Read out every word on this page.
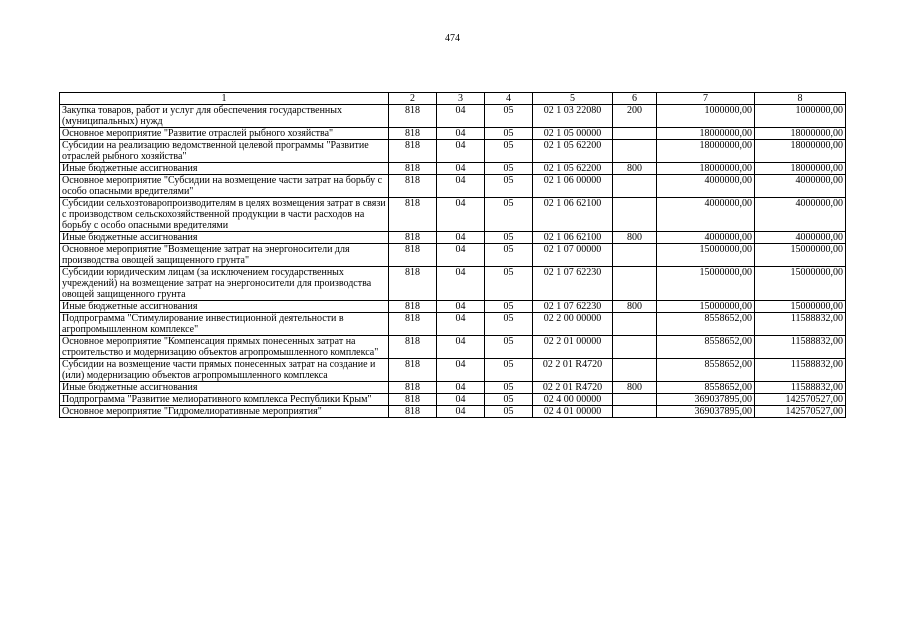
474
1	2	3	4	5	6	7	8
Закупка товаров, работ и услуг для обеспечения государственных (муниципальных) нужд	818	04	05	02 1 03 22080	200	1000000,00	1000000,00
Основное мероприятие "Развитие отраслей рыбного хозяйства"	818	04	05	02 1 05 00000		18000000,00	18000000,00
Субсидии на реализацию ведомственной целевой программы "Развитие отраслей рыбного хозяйства"	818	04	05	02 1 05 62200		18000000,00	18000000,00
Иные бюджетные ассигнования	818	04	05	02 1 05 62200	800	18000000,00	18000000,00
Основное мероприятие "Субсидии на возмещение части затрат на борьбу с особо опасными вредителями"	818	04	05	02 1 06 00000		4000000,00	4000000,00
Субсидии сельхозтоваропроизводителям в целях возмещения затрат в связи с производством сельскохозяйственной продукции в части расходов на борьбу с особо опасными вредителями	818	04	05	02 1 06 62100		4000000,00	4000000,00
Иные бюджетные ассигнования	818	04	05	02 1 06 62100	800	4000000,00	4000000,00
Основное мероприятие "Возмещение затрат на энергоносители для производства овощей защищенного грунта"	818	04	05	02 1 07 00000		15000000,00	15000000,00
Субсидии юридическим лицам (за исключением государственных учреждений) на возмещение затрат на энергоносители для производства овощей защищенного грунта	818	04	05	02 1 07 62230		15000000,00	15000000,00
Иные бюджетные ассигнования	818	04	05	02 1 07 62230	800	15000000,00	15000000,00
Подпрограмма "Стимулирование инвестиционной деятельности в агропромышленном комплексе"	818	04	05	02 2 00 00000		8558652,00	11588832,00
Основное мероприятие "Компенсация прямых понесенных затрат на строительство и модернизацию объектов агропромышленного комплекса"	818	04	05	02 2 01 00000		8558652,00	11588832,00
Субсидии на возмещение части прямых понесенных затрат на создание и (или) модернизацию объектов агропромышленного комплекса	818	04	05	02 2 01 R4720		8558652,00	11588832,00
Иные бюджетные ассигнования	818	04	05	02 2 01 R4720	800	8558652,00	11588832,00
Подпрограмма "Развитие мелиоративного комплекса Республики Крым"	818	04	05	02 4 00 00000		369037895,00	142570527,00
Основное мероприятие "Гидромелиоративные мероприятия"	818	04	05	02 4 01 00000		369037895,00	142570527,00
